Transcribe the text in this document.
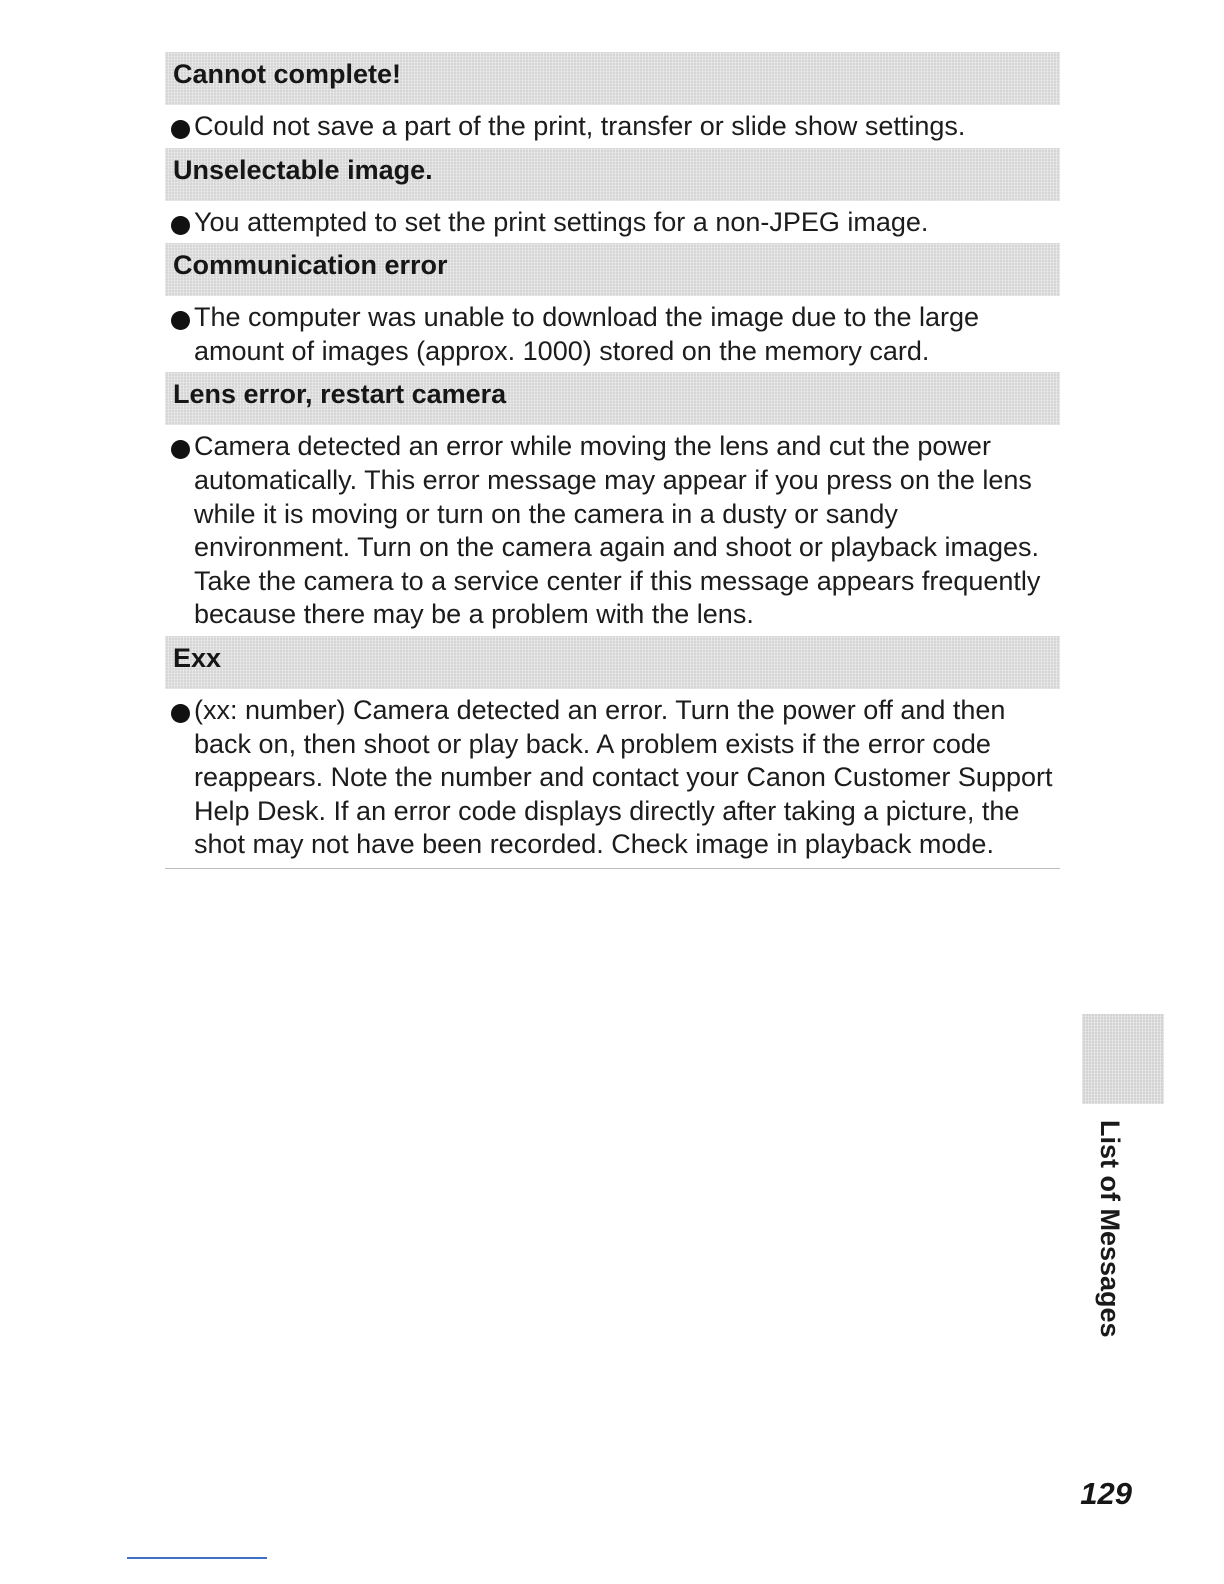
Cannot complete!
Could not save a part of the print, transfer or slide show settings.
Unselectable image.
You attempted to set the print settings for a non-JPEG image.
Communication error
The computer was unable to download the image due to the large amount of images (approx. 1000) stored on the memory card.
Lens error, restart camera
Camera detected an error while moving the lens and cut the power automatically. This error message may appear if you press on the lens while it is moving or turn on the camera in a dusty or sandy environment. Turn on the camera again and shoot or playback images. Take the camera to a service center if this message appears frequently because there may be a problem with the lens.
Exx
(xx: number) Camera detected an error. Turn the power off and then back on, then shoot or play back. A problem exists if the error code reappears. Note the number and contact your Canon Customer Support Help Desk. If an error code displays directly after taking a picture, the shot may not have been recorded. Check image in playback mode.
List of Messages
129
